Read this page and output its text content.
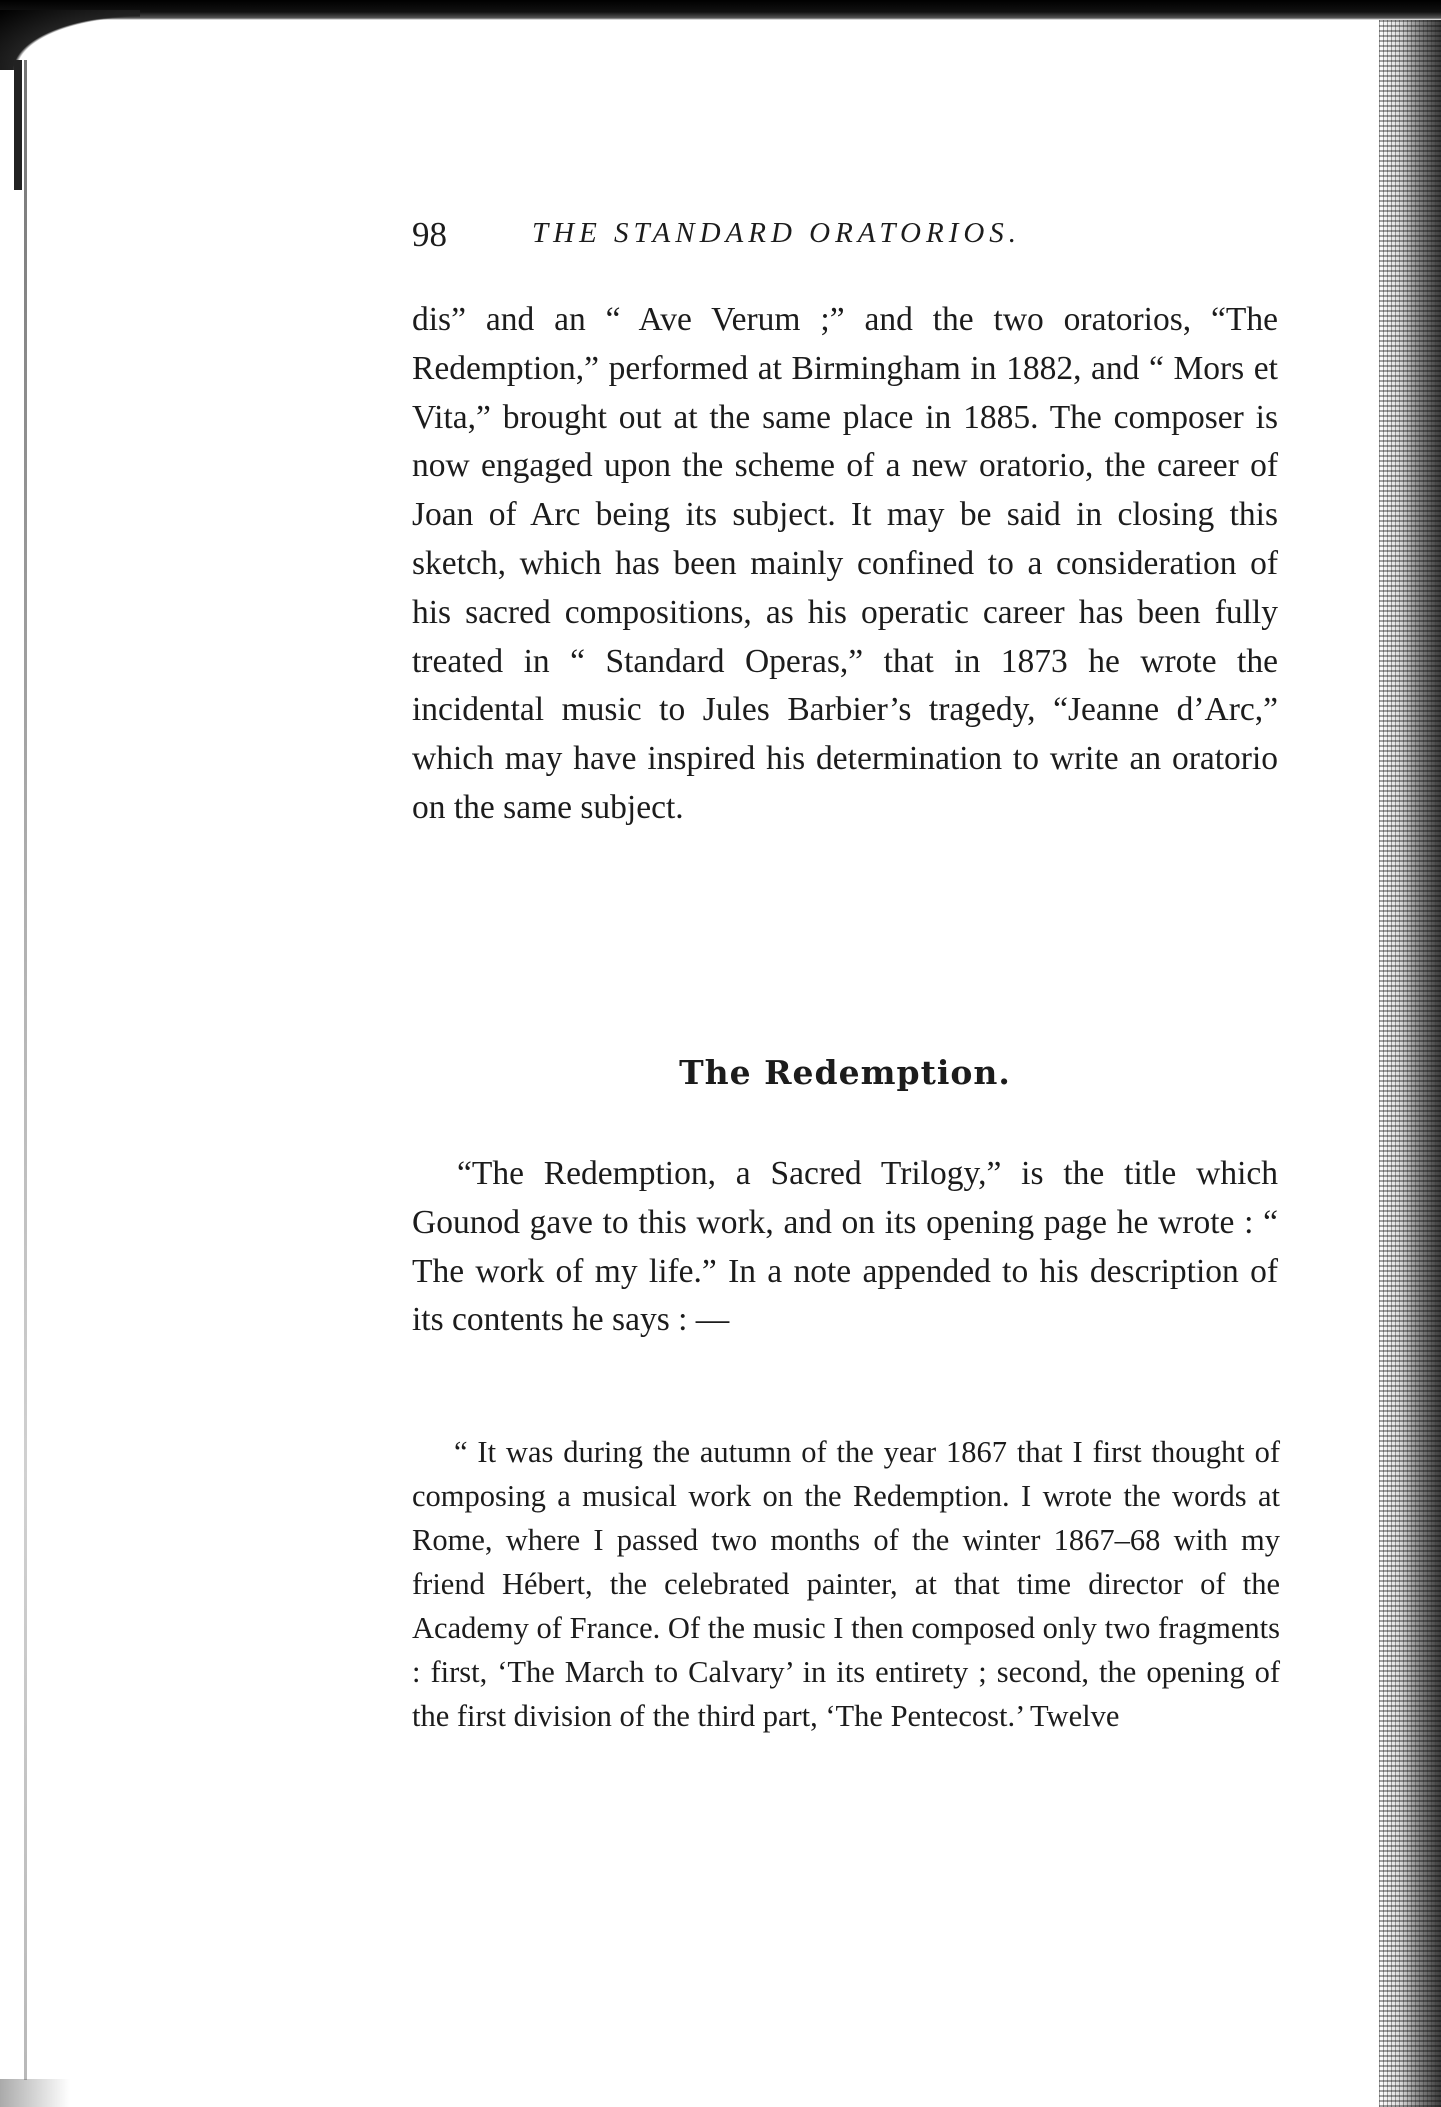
98	THE STANDARD ORATORIOS.

dis” and an “ Ave Verum ;” and the two oratorios, “The Redemption,” performed at Birmingham in 1882, and “ Mors et Vita,” brought out at the same place in 1885. The composer is now engaged upon the scheme of a new oratorio, the career of Joan of Arc being its subject. It may be said in closing this sketch, which has been mainly confined to a consideration of his sacred compositions, as his operatic career has been fully treated in “ Standard Operas,” that in 1873 he wrote the incidental music to Jules Barbier’s tragedy, “Jeanne d’Arc,” which may have inspired his determination to write an oratorio on the same subject.

The Redemption.

“The Redemption, a Sacred Trilogy,” is the title which Gounod gave to this work, and on its opening page he wrote : “ The work of my life.” In a note appended to his description of its contents he says : —

“ It was during the autumn of the year 1867 that I first thought of composing a musical work on the Redemption. I wrote the words at Rome, where I passed two months of the winter 1867–68 with my friend Hébert, the celebrated painter, at that time director of the Academy of France. Of the music I then composed only two fragments : first, ‘The March to Calvary’ in its entirety ; second, the opening of the first division of the third part, ‘The Pentecost.’ Twelve
